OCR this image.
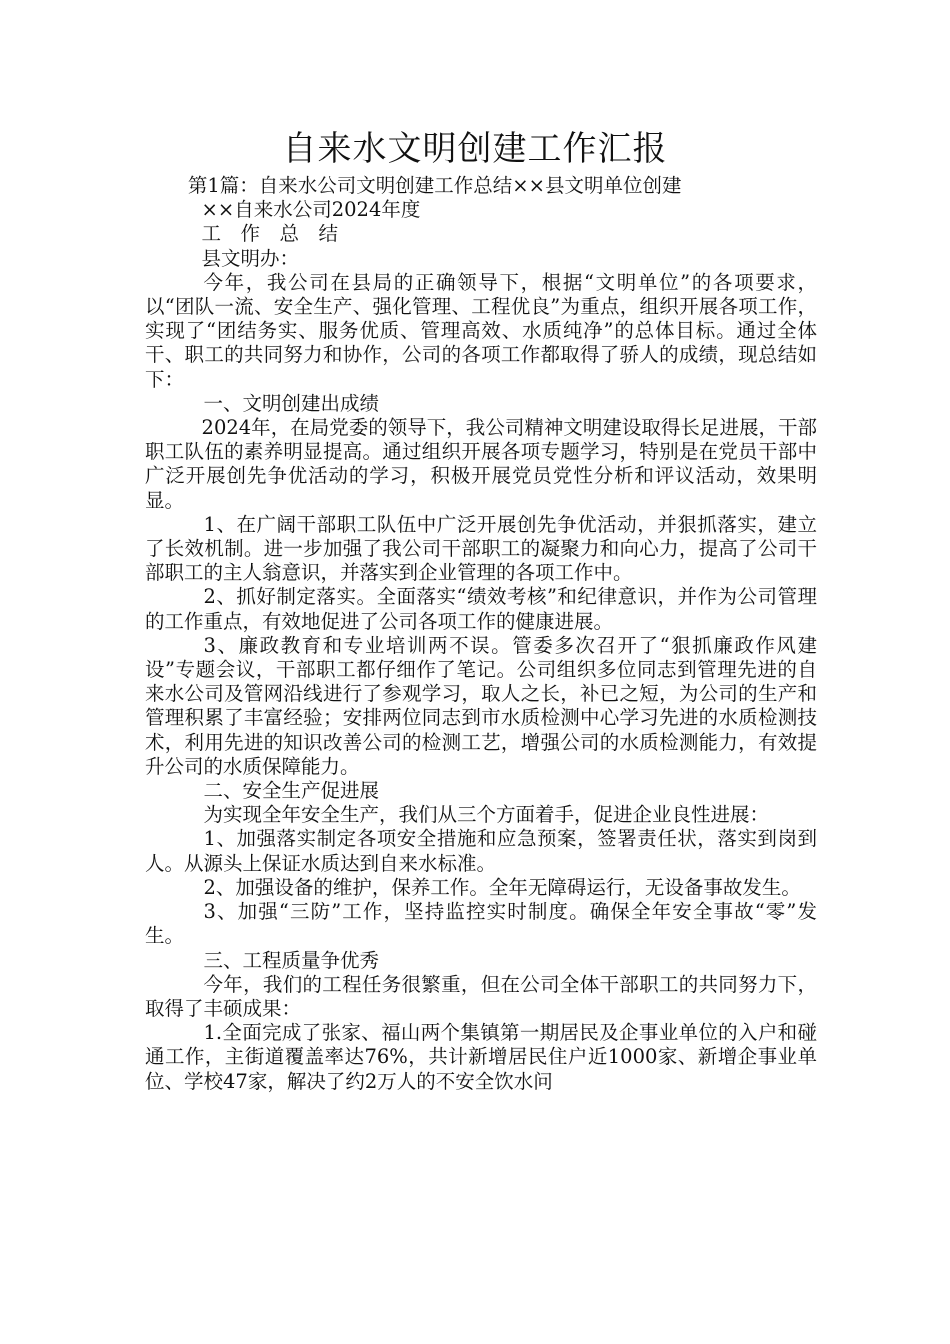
自来水文明创建工作汇报

第1篇：自来水公司文明创建工作总结××县文明单位创建

××自来水公司2024年度

工　作　总　结

县文明办：

今年，我公司在县局的正确领导下，根据“文明单位”的各项要求，以“团队一流、安全生产、强化管理、工程优良”为重点，组织开展各项工作，实现了“团结务实、服务优质、管理高效、水质纯净”的总体目标。通过全体干、职工的共同努力和协作，公司的各项工作都取得了骄人的成绩，现总结如下：

一、文明创建出成绩

2024年，在局党委的领导下，我公司精神文明建设取得长足进展，干部职工队伍的素养明显提高。通过组织开展各项专题学习，特别是在党员干部中广泛开展创先争优活动的学习，积极开展党员党性分析和评议活动，效果明显。

1、在广阔干部职工队伍中广泛开展创先争优活动，并狠抓落实，建立了长效机制。进一步加强了我公司干部职工的凝聚力和向心力，提高了公司干部职工的主人翁意识，并落实到企业管理的各项工作中。

2、抓好制定落实。全面落实“绩效考核”和纪律意识，并作为公司管理的工作重点，有效地促进了公司各项工作的健康进展。

3、廉政教育和专业培训两不误。管委多次召开了“狠抓廉政作风建设”专题会议，干部职工都仔细作了笔记。公司组织多位同志到管理先进的自来水公司及管网沿线进行了参观学习，取人之长，补已之短，为公司的生产和管理积累了丰富经验；安排两位同志到市水质检测中心学习先进的水质检测技术，利用先进的知识改善公司的检测工艺，增强公司的水质检测能力，有效提升公司的水质保障能力。

二、安全生产促进展

为实现全年安全生产，我们从三个方面着手，促进企业良性进展：

1、加强落实制定各项安全措施和应急预案，签署责任状，落实到岗到人。从源头上保证水质达到自来水标准。

2、加强设备的维护，保养工作。全年无障碍运行，无设备事故发生。

3、加强“三防”工作，坚持监控实时制度。确保全年安全事故“零”发生。

三、工程质量争优秀

今年，我们的工程任务很繁重，但在公司全体干部职工的共同努力下，取得了丰硕成果：

1.全面完成了张家、福山两个集镇第一期居民及企事业单位的入户和碰通工作，主街道覆盖率达76%，共计新增居民住户近1000家、新增企事业单位、学校47家，解决了约2万人的不安全饮水问
